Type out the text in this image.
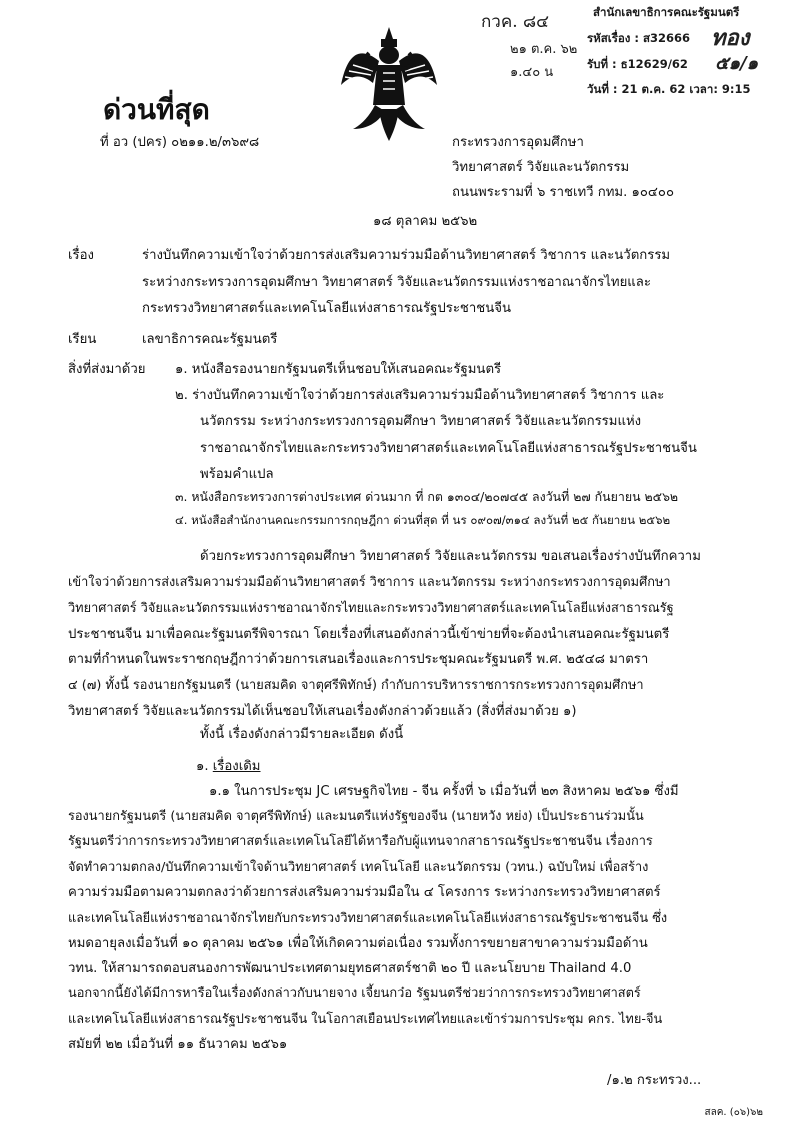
กวค. ๘๔
๒๑ ต.ค. ๖๒
๑.๔๐ น
สำนักเลขาธิการคณะรัฐมนตรี
รหัสเรื่อง : ส32666
รับที่ : ธ12629/62
วันที่ : 21 ต.ค. 62 เวลา: 9:15
ทอง
๕๑/๑
ด่วนที่สุด
ที่ อว (ปคร) ๐๒๑๑.๒/๓๖๙๘	กระทรวงการอุดมศึกษา
วิทยาศาสตร์ วิจัยและนวัตกรรม
ถนนพระรามที่ ๖ ราชเทวี กทม. ๑๐๔๐๐
๑๘ ตุลาคม ๒๕๖๒
เรื่อง	ร่างบันทึกความเข้าใจว่าด้วยการส่งเสริมความร่วมมือด้านวิทยาศาสตร์ วิชาการ และนวัตกรรม
ระหว่างกระทรวงการอุดมศึกษา วิทยาศาสตร์ วิจัยและนวัตกรรมแห่งราชอาณาจักรไทยและ
กระทรวงวิทยาศาสตร์และเทคโนโลยีแห่งสาธารณรัฐประชาชนจีน
เรียน	เลขาธิการคณะรัฐมนตรี
สิ่งที่ส่งมาด้วย ๑. หนังสือรองนายกรัฐมนตรีเห็นชอบให้เสนอคณะรัฐมนตรี
๒. ร่างบันทึกความเข้าใจว่าด้วยการส่งเสริมความร่วมมือด้านวิทยาศาสตร์ วิชาการ และ
นวัตกรรม ระหว่างกระทรวงการอุดมศึกษา วิทยาศาสตร์ วิจัยและนวัตกรรมแห่ง
ราชอาณาจักรไทยและกระทรวงวิทยาศาสตร์และเทคโนโลยีแห่งสาธารณรัฐประชาชนจีน
พร้อมคำแปล
๓. หนังสือกระทรวงการต่างประเทศ ด่วนมาก ที่ กต ๑๓๐๔/๒๐๗๔๕ ลงวันที่ ๒๗ กันยายน ๒๕๖๒
๔. หนังสือสำนักงานคณะกรรมการกฤษฎีกา ด่วนที่สุด ที่ นร ๐๙๐๗/๓๑๔ ลงวันที่ ๒๕ กันยายน ๒๕๖๒
ด้วยกระทรวงการอุดมศึกษา วิทยาศาสตร์ วิจัยและนวัตกรรม ขอเสนอเรื่องร่างบันทึกความ
เข้าใจว่าด้วยการส่งเสริมความร่วมมือด้านวิทยาศาสตร์ วิชาการ และนวัตกรรม ระหว่างกระทรวงการอุดมศึกษา
วิทยาศาสตร์ วิจัยและนวัตกรรมแห่งราชอาณาจักรไทยและกระทรวงวิทยาศาสตร์และเทคโนโลยีแห่งสาธารณรัฐ
ประชาชนจีน มาเพื่อคณะรัฐมนตรีพิจารณา โดยเรื่องที่เสนอดังกล่าวนี้เข้าข่ายที่จะต้องนำเสนอคณะรัฐมนตรี
ตามที่กำหนดในพระราชกฤษฎีกาว่าด้วยการเสนอเรื่องและการประชุมคณะรัฐมนตรี พ.ศ. ๒๕๔๘ มาตรา
๔ (๗) ทั้งนี้ รองนายกรัฐมนตรี (นายสมคิด จาตุศรีพิทักษ์) กำกับการบริหารราชการกระทรวงการอุดมศึกษา
วิทยาศาสตร์ วิจัยและนวัตกรรมได้เห็นชอบให้เสนอเรื่องดังกล่าวด้วยแล้ว (สิ่งที่ส่งมาด้วย ๑)
ทั้งนี้ เรื่องดังกล่าวมีรายละเอียด ดังนี้
๑. เรื่องเดิม
๑.๑ ในการประชุม JC เศรษฐกิจไทย - จีน ครั้งที่ ๖ เมื่อวันที่ ๒๓ สิงหาคม ๒๕๖๑ ซึ่งมี
รองนายกรัฐมนตรี (นายสมคิด จาตุศรีพิทักษ์) และมนตรีแห่งรัฐของจีน (นายหวัง หย่ง) เป็นประธานร่วมนั้น
รัฐมนตรีว่าการกระทรวงวิทยาศาสตร์และเทคโนโลยีได้หารือกับผู้แทนจากสาธารณรัฐประชาชนจีน เรื่องการ
จัดทำความตกลง/บันทึกความเข้าใจด้านวิทยาศาสตร์ เทคโนโลยี และนวัตกรรม (วทน.) ฉบับใหม่ เพื่อสร้าง
ความร่วมมือตามความตกลงว่าด้วยการส่งเสริมความร่วมมือใน ๔ โครงการ ระหว่างกระทรวงวิทยาศาสตร์
และเทคโนโลยีแห่งราชอาณาจักรไทยกับกระทรวงวิทยาศาสตร์และเทคโนโลยีแห่งสาธารณรัฐประชาชนจีน ซึ่ง
หมดอายุลงเมื่อวันที่ ๑๐ ตุลาคม ๒๕๖๑ เพื่อให้เกิดความต่อเนื่อง รวมทั้งการขยายสาขาความร่วมมือด้าน
วทน. ให้สามารถตอบสนองการพัฒนาประเทศตามยุทธศาสตร์ชาติ ๒๐ ปี และนโยบาย Thailand 4.0
นอกจากนี้ยังได้มีการหารือในเรื่องดังกล่าวกับนายจาง เจี้ยนกว๋อ รัฐมนตรีช่วยว่าการกระทรวงวิทยาศาสตร์
และเทคโนโลยีแห่งสาธารณรัฐประชาชนจีน ในโอกาสเยือนประเทศไทยและเข้าร่วมการประชุม คกร. ไทย-จีน
สมัยที่ ๒๒ เมื่อวันที่ ๑๑ ธันวาคม ๒๕๖๑
/๑.๒ กระทรวง...
สลค. (๐๖)๖๒
